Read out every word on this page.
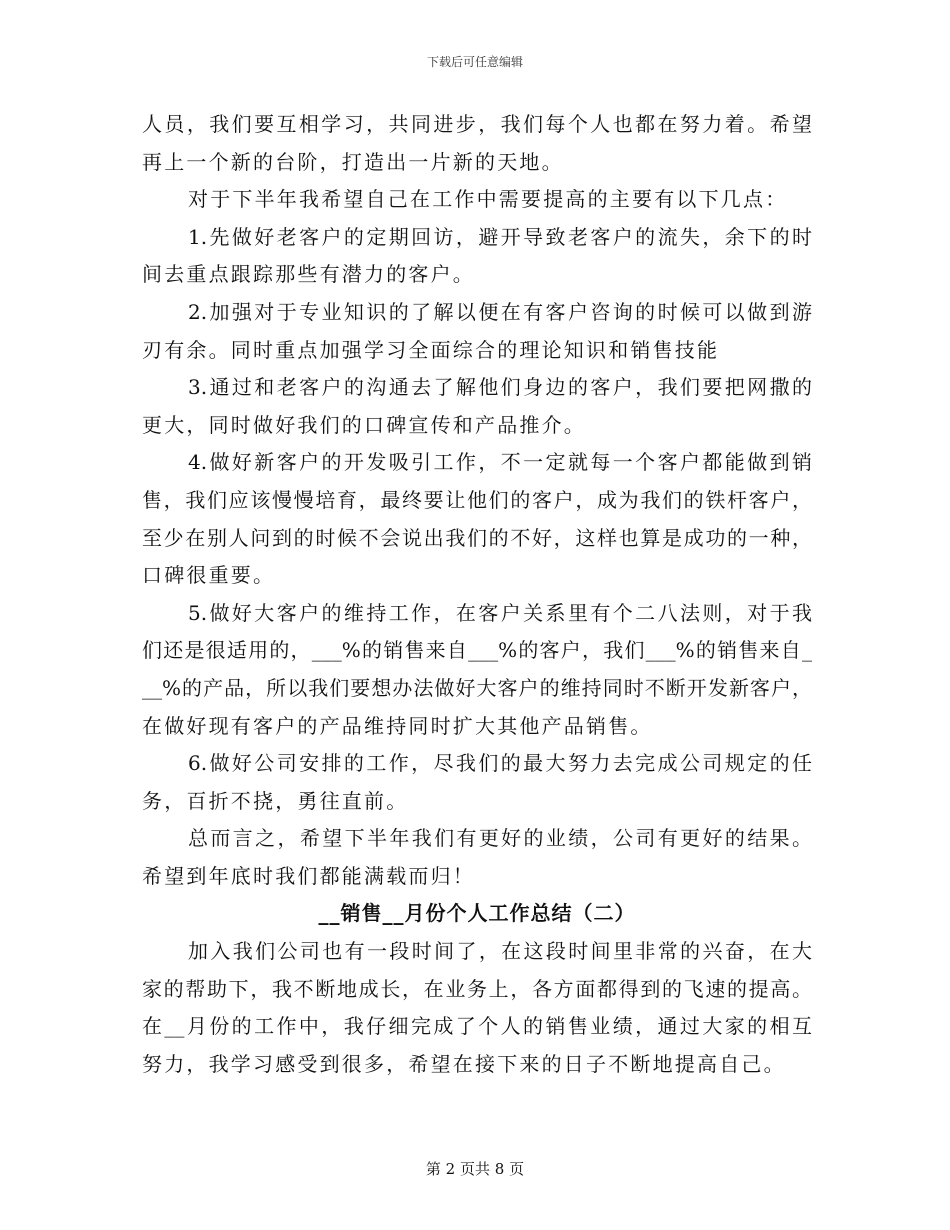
下载后可任意编辑
人员，我们要互相学习，共同进步，我们每个人也都在努力着。希望
再上一个新的台阶，打造出一片新的天地。
对于下半年我希望自己在工作中需要提高的主要有以下几点：
1.先做好老客户的定期回访，避开导致老客户的流失，余下的时
间去重点跟踪那些有潜力的客户。
2.加强对于专业知识的了解以便在有客户咨询的时候可以做到游
刃有余。同时重点加强学习全面综合的理论知识和销售技能
3.通过和老客户的沟通去了解他们身边的客户，我们要把网撒的
更大，同时做好我们的口碑宣传和产品推介。
4.做好新客户的开发吸引工作，不一定就每一个客户都能做到销
售，我们应该慢慢培育，最终要让他们的客户，成为我们的铁杆客户，
至少在别人问到的时候不会说出我们的不好，这样也算是成功的一种，
口碑很重要。
5.做好大客户的维持工作，在客户关系里有个二八法则，对于我
们还是很适用的，___%的销售来自___%的客户，我们___%的销售来自_
__%的产品，所以我们要想办法做好大客户的维持同时不断开发新客户，
在做好现有客户的产品维持同时扩大其他产品销售。
6.做好公司安排的工作，尽我们的最大努力去完成公司规定的任
务，百折不挠，勇往直前。
总而言之，希望下半年我们有更好的业绩，公司有更好的结果。
希望到年底时我们都能满载而归！
__销售__月份个人工作总结（二）
加入我们公司也有一段时间了，在这段时间里非常的兴奋，在大
家的帮助下，我不断地成长，在业务上，各方面都得到的飞速的提高。
在__月份的工作中，我仔细完成了个人的销售业绩，通过大家的相互
努力，我学习感受到很多，希望在接下来的日子不断地提高自己。
第 2 页共 8 页
